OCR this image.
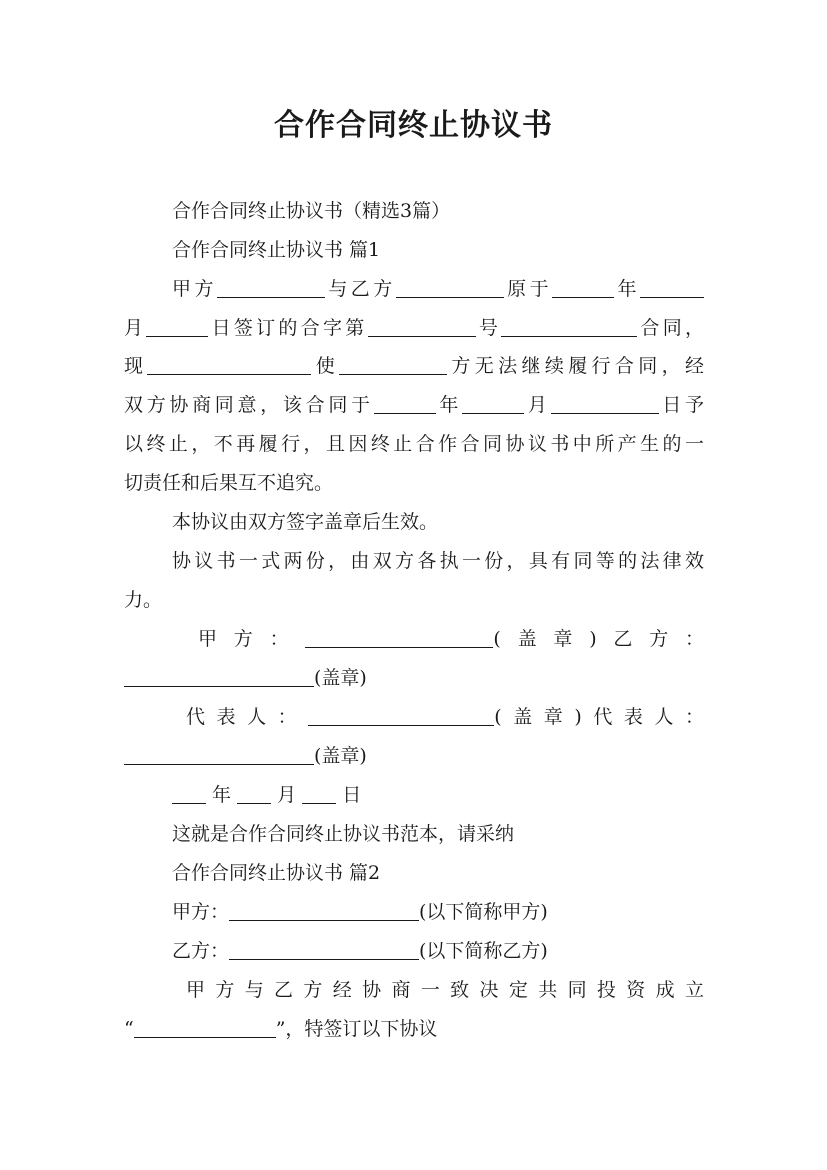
合作合同终止协议书
合作合同终止协议书（精选3篇）
合作合同终止协议书 篇1
甲方	与乙方	原于	年
月	日签订的合字第	号	合同，
现	使	方无法继续履行合同，经
双方协商同意，该合同于	年	月	日予
以终止，不再履行，且因终止合作合同协议书中所产生的一
切责任和后果互不追究。
本协议由双方签字盖章后生效。
协议书一式两份，由双方各执一份，具有同等的法律效
力。
甲方：	(盖章)乙方：
(盖章)
代表人：	(盖章)代表人：
(盖章)
年  月  日
这就是合作合同终止协议书范本，请采纳
合作合同终止协议书 篇2
甲方：	(以下简称甲方)
乙方：	(以下简称乙方)
甲方与乙方经协商一致决定共同投资成立
“	”，特签订以下协议
